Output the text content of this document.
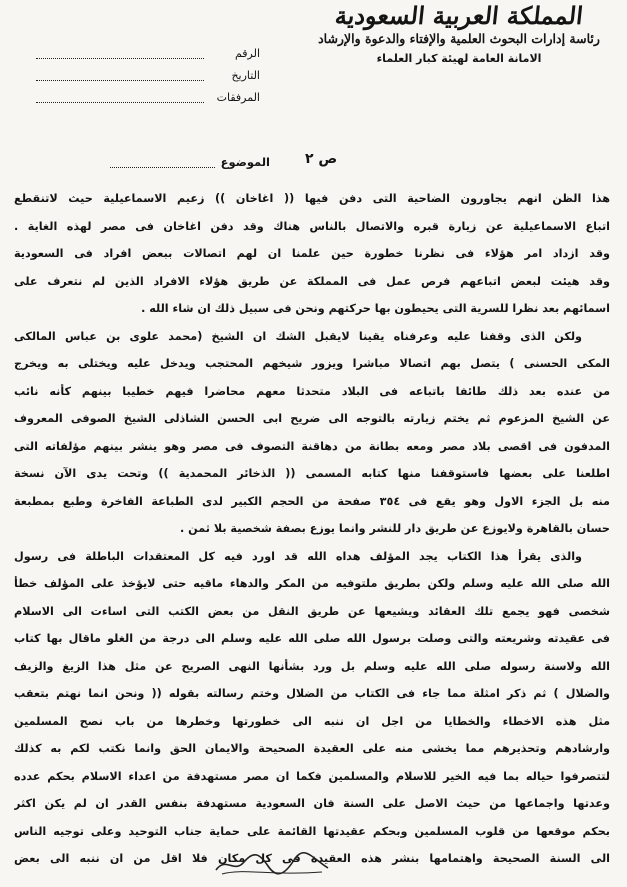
المملكة العربية السعودية
رئاسة إدارات البحوث العلمية والإفتاء والدعوة والإرشاد
الامانة العامة لهيئة كبار العلماء
الرقم
التاريخ
المرفقات
ص ٢
الموضوع
هذا الظن انهم يجاورون الضاحية التى دفن فيها (( اغاخان )) زعيم الاسماعيلية حيث لاتنقطع
اتباع الاسماعيلية عن زيارة قبره والاتصال بالناس هناك وقد دفن اغاخان فى مصر لهذه الغاية .
وقد ازداد امر هؤلاء فى نظرنا خطورة حين علمنا ان لهم اتصالات ببعض افراد فى السعودية
وقد هيئت لبعض اتباعهم فرص عمل فى المملكة عن طريق هؤلاء الافراد الذين لم نتعرف على
اسمائهم بعد نظرا للسرية التى يحيطون بها حركتهم ونحن فى سبيل ذلك ان شاء الله .
ولكن الذى وقفنا عليه وعرفناه يقينا لايقبل الشك ان الشيخ (محمد علوى بن عباس المالكى
المكى الحسنى ) يتصل بهم اتصالا مباشرا ويزور شيخهم المحتجب ويدخل عليه ويختلى به ويخرج
من عنده بعد ذلك طائفا باتباعه فى البلاد متحدثا معهم محاضرا فيهم خطيبا بينهم كأنه نائب
عن الشيخ المزعوم ثم يختم زيارته بالتوجه الى ضريح ابى الحسن الشاذلى الشيخ الصوفى المعروف
المدفون فى اقصى بلاد مصر ومعه بطانة من دهاقنة التصوف فى مصر وهو ينشر بينهم مؤلفاته التى
اطلعنا على بعضها فاستوقفنا منها كتابه المسمى (( الذخائر المحمدية )) وتحت يدى الآن نسخة
منه بل الجزء الاول وهو يقع فى ٣٥٤ صفحة من الحجم الكبير لدى الطباعة الفاخرة وطبع بمطبعة
حسان بالقاهرة ولايوزع عن طريق دار للنشر وانما يوزع بصفة شخصية بلا ثمن .
والذى يقرأ هذا الكتاب يجد المؤلف هداه الله قد اورد فيه كل المعتقدات الباطلة فى رسول
الله صلى الله عليه وسلم ولكن بطريق ملتوفيه من المكر والدهاء ماقيه حتى لايؤخذ على المؤلف خطأ
شخصى فهو يجمع تلك العقائد ويشيعها عن طريق النقل من بعض الكتب التى اساءت الى الاسلام
فى عقيدته وشريعته والتى وصلت برسول الله صلى الله عليه وسلم الى درجة من الغلو ماقال بها كتاب
الله ولاسنة رسوله صلى الله عليه وسلم بل ورد بشأنها النهى الصريح عن مثل هذا الزيغ والزيف
والضلال ) ثم ذكر امثلة مما جاء فى الكتاب من الضلال وختم رسالته بقوله (( ونحن انما نهتم بتعقب
مثل هذه الاخطاء والخطايا من اجل ان ننبه الى خطورتها وخطرها من باب نصح المسلمين
وارشادهم وتحذيرهم مما يخشى منه على العقيدة الصحيحة والايمان الحق وانما نكتب لكم به كذلك
لتتصرفوا حياله بما فيه الخير للاسلام والمسلمين فكما ان مصر مستهدفة من اعداء الاسلام بحكم عدده
وعدتها واجماعها من حيث الاصل على السنة فان السعودية مستهدفة بنفس القدر ان لم يكن اكثر
بحكم موقعها من قلوب المسلمين وبحكم عقيدتها القائمة على حماية جناب التوحيد وعلى توجيه الناس
الى السنة الصحيحة واهتمامها بنشر هذه العقيدة فى كل مكان فلا اقل من ان ننبه الى بعض
